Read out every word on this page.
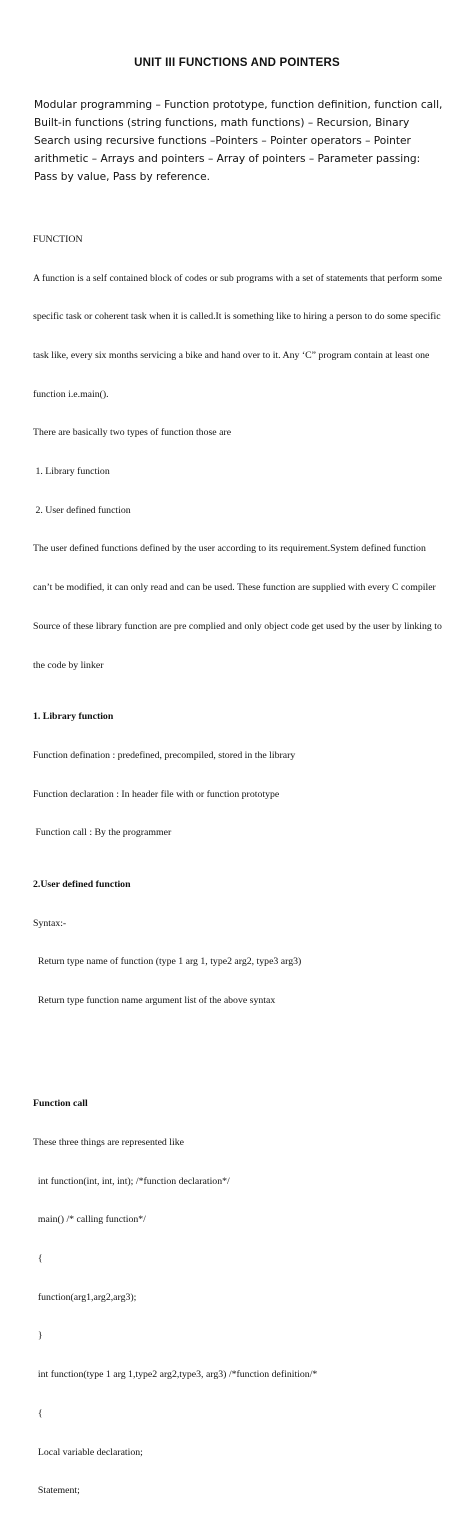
UNIT III FUNCTIONS AND POINTERS
Modular programming – Function prototype, function definition, function call,
Built-in functions (string functions, math functions) – Recursion, Binary
Search using recursive functions –Pointers – Pointer operators – Pointer
arithmetic – Arrays and pointers – Array of pointers – Parameter passing:
Pass by value, Pass by reference.

FUNCTION

A function is a self contained block of codes or sub programs with a set of statements that perform some

specific task or coherent task when it is called.It is something like to hiring a person to do some specific

task like, every six months servicing a bike and hand over to it. Any ‘C” program contain at least one

function i.e.main().

There are basically two types of function those are

1. Library function

2. User defined function

The user defined functions defined by the user according to its requirement.System defined function

can’t be modified, it can only read and can be used. These function are supplied with every C compiler

Source of these library function are pre complied and only object code get used by the user by linking to

the code by linker

1. Library function

Function defination : predefined, precompiled, stored in the library

Function declaration : In header file with or function prototype

Function call : By the programmer

2.User defined function

Syntax:-

Return type name of function (type 1 arg 1, type2 arg2, type3 arg3)

Return type function name argument list of the above syntax

Function call

These three things are represented like

int function(int, int, int); /*function declaration*/

main() /* calling function*/

{

function(arg1,arg2,arg3);

}

int function(type 1 arg 1,type2 arg2,type3, arg3) /*function definition/*

{

Local variable declaration;

Statement;
